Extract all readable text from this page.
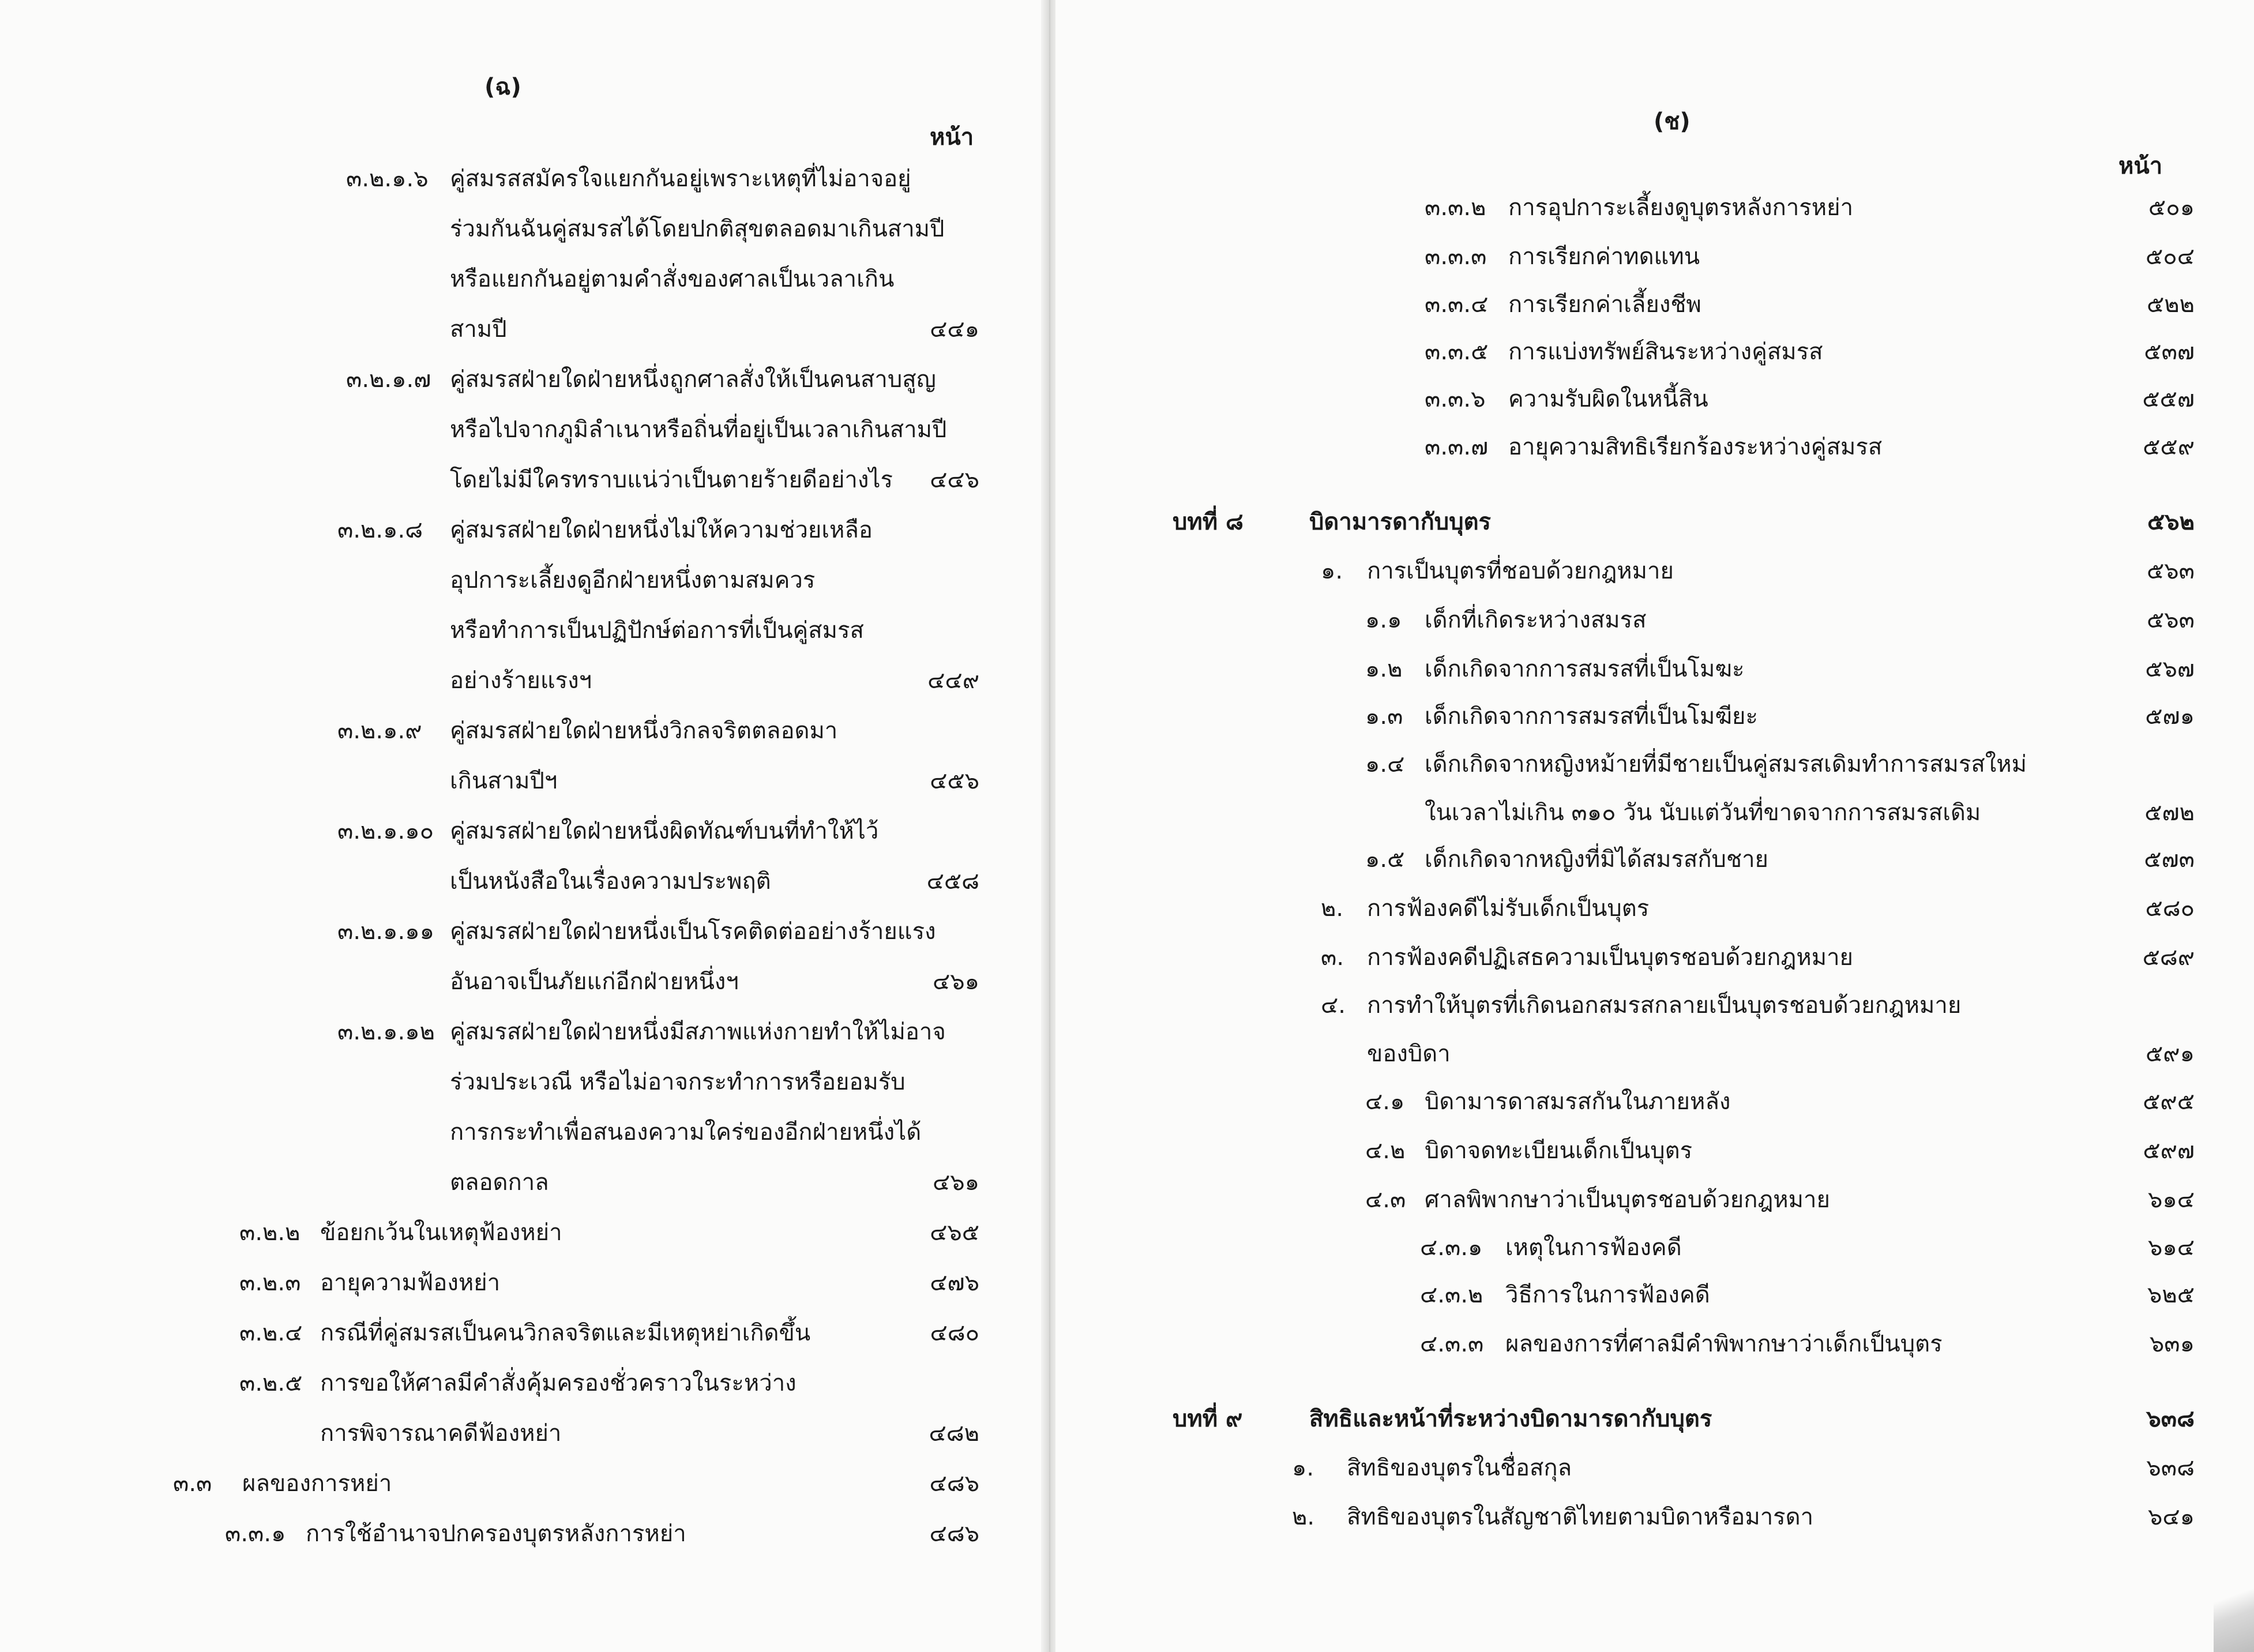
(ฉ)
หน้า
(ช)
หน้า
๓.๒.๑.๖ คู่สมรสสมัครใจแยกกันอยู่เพราะเหตุที่ไม่อาจอยู่
ร่วมกันฉันคู่สมรสได้โดยปกติสุขตลอดมาเกินสามปี
หรือแยกกันอยู่ตามคำสั่งของศาลเป็นเวลาเกิน
สามปี	๔๔๑
๓.๒.๑.๗ คู่สมรสฝ่ายใดฝ่ายหนึ่งถูกศาลสั่งให้เป็นคนสาบสูญ
หรือไปจากภูมิลำเนาหรือถิ่นที่อยู่เป็นเวลาเกินสามปี
โดยไม่มีใครทราบแน่ว่าเป็นตายร้ายดีอย่างไร ๔๔๖
๓.๒.๑.๘ คู่สมรสฝ่ายใดฝ่ายหนึ่งไม่ให้ความช่วยเหลือ
อุปการะเลี้ยงดูอีกฝ่ายหนึ่งตามสมควร
หรือทำการเป็นปฏิปักษ์ต่อการที่เป็นคู่สมรส
อย่างร้ายแรงฯ	๔๔๙
๓.๒.๑.๙ คู่สมรสฝ่ายใดฝ่ายหนึ่งวิกลจริตตลอดมา
เกินสามปีฯ	๔๕๖
๓.๒.๑.๑๐ คู่สมรสฝ่ายใดฝ่ายหนึ่งผิดทัณฑ์บนที่ทำให้ไว้
เป็นหนังสือในเรื่องความประพฤติ	๔๕๘
๓.๒.๑.๑๑ คู่สมรสฝ่ายใดฝ่ายหนึ่งเป็นโรคติดต่ออย่างร้ายแรง
อันอาจเป็นภัยแก่อีกฝ่ายหนึ่งฯ	๔๖๑
๓.๒.๑.๑๒ คู่สมรสฝ่ายใดฝ่ายหนึ่งมีสภาพแห่งกายทำให้ไม่อาจ
ร่วมประเวณี หรือไม่อาจกระทำการหรือยอมรับ
การกระทำเพื่อสนองความใคร่ของอีกฝ่ายหนึ่งได้
ตลอดกาล	๔๖๑
๓.๒.๒ ข้อยกเว้นในเหตุฟ้องหย่า	๔๖๕
๓.๒.๓ อายุความฟ้องหย่า	๔๗๖
๓.๒.๔ กรณีที่คู่สมรสเป็นคนวิกลจริตและมีเหตุหย่าเกิดขึ้น	๔๘๐
๓.๒.๕ การขอให้ศาลมีคำสั่งคุ้มครองชั่วคราวในระหว่าง
การพิจารณาคดีฟ้องหย่า	๔๘๒
๓.๓ ผลของการหย่า	๔๘๖
๓.๓.๑ การใช้อำนาจปกครองบุตรหลังการหย่า	๔๘๖
๓.๓.๒ การอุปการะเลี้ยงดูบุตรหลังการหย่า	๕๐๑
๓.๓.๓ การเรียกค่าทดแทน	๕๐๔
๓.๓.๔ การเรียกค่าเลี้ยงชีพ	๕๒๒
๓.๓.๕ การแบ่งทรัพย์สินระหว่างคู่สมรส	๕๓๗
๓.๓.๖ ความรับผิดในหนี้สิน	๕๕๗
๓.๓.๗ อายุความสิทธิเรียกร้องระหว่างคู่สมรส	๕๕๙
บทที่ ๘	บิดามารดากับบุตร	๕๖๒
๑. การเป็นบุตรที่ชอบด้วยกฎหมาย	๕๖๓
๑.๑ เด็กที่เกิดระหว่างสมรส	๕๖๓
๑.๒ เด็กเกิดจากการสมรสที่เป็นโมฆะ	๕๖๗
๑.๓ เด็กเกิดจากการสมรสที่เป็นโมฆียะ	๕๗๑
๑.๔ เด็กเกิดจากหญิงหม้ายที่มีชายเป็นคู่สมรสเดิมทำการสมรสใหม่
ในเวลาไม่เกิน ๓๑๐ วัน นับแต่วันที่ขาดจากการสมรสเดิม	๕๗๒
๑.๕ เด็กเกิดจากหญิงที่มิได้สมรสกับชาย	๕๗๓
๒. การฟ้องคดีไม่รับเด็กเป็นบุตร	๕๘๐
๓. การฟ้องคดีปฏิเสธความเป็นบุตรชอบด้วยกฎหมาย	๕๘๙
๔. การทำให้บุตรที่เกิดนอกสมรสกลายเป็นบุตรชอบด้วยกฎหมาย
ของบิดา	๕๙๑
๔.๑ บิดามารดาสมรสกันในภายหลัง	๕๙๕
๔.๒ บิดาจดทะเบียนเด็กเป็นบุตร	๕๙๗
๔.๓ ศาลพิพากษาว่าเป็นบุตรชอบด้วยกฎหมาย	๖๑๔
๔.๓.๑ เหตุในการฟ้องคดี	๖๑๔
๔.๓.๒ วิธีการในการฟ้องคดี	๖๒๕
๔.๓.๓ ผลของการที่ศาลมีคำพิพากษาว่าเด็กเป็นบุตร	๖๓๑
บทที่ ๙	สิทธิและหน้าที่ระหว่างบิดามารดากับบุตร	๖๓๘
๑. สิทธิของบุตรในชื่อสกุล	๖๓๘
๒. สิทธิของบุตรในสัญชาติไทยตามบิดาหรือมารดา	๖๔๑
